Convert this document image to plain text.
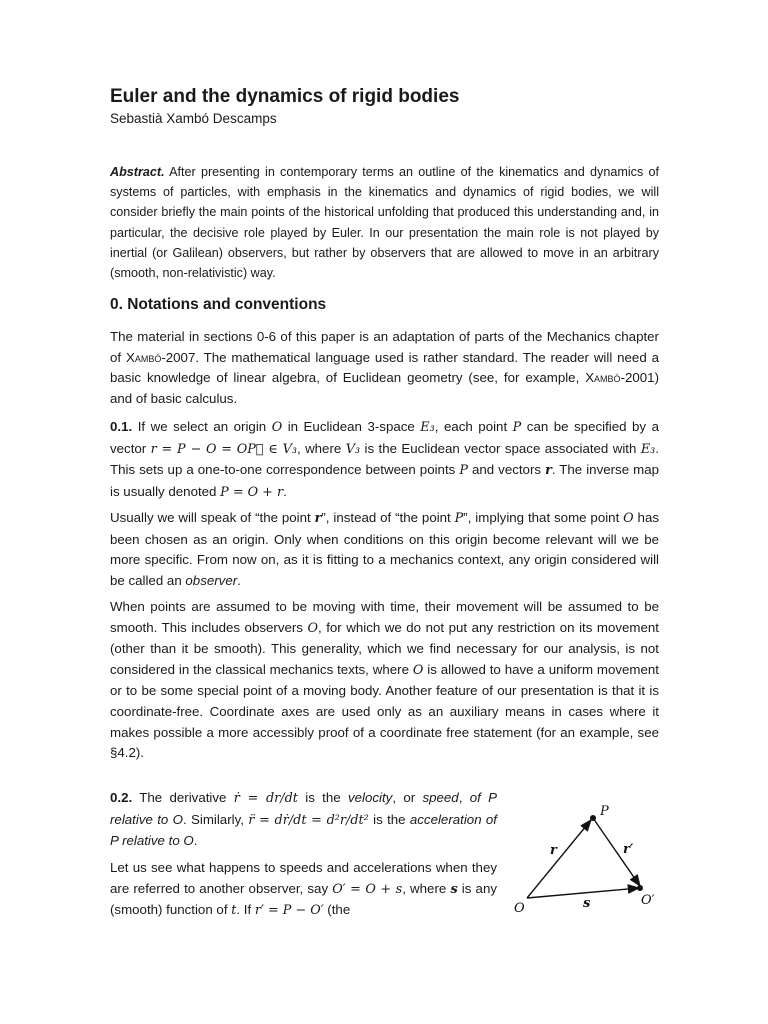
Euler and the dynamics of rigid bodies

Sebastià Xambó Descamps

Abstract. After presenting in contemporary terms an outline of the kinematics and dynamics of systems of particles, with emphasis in the kinematics and dynamics of rigid bodies, we will consider briefly the main points of the historical unfolding that produced this understanding and, in particular, the decisive role played by Euler. In our presentation the main role is not played by inertial (or Galilean) observers, but rather by observers that are allowed to move in an arbitrary (smooth, non-relativistic) way.

0. Notations and conventions

The material in sections 0-6 of this paper is an adaptation of parts of the Mechanics chapter of Xambó-2007. The mathematical language used is rather standard. The reader will need a basic knowledge of linear algebra, of Euclidean geometry (see, for example, Xambó-2001) and of basic calculus.

0.1. If we select an origin O in Euclidean 3-space E₃, each point P can be specified by a vector r = P − O = OP⃗ ∈ V₃, where V₃ is the Euclidean vector space associated with E₃. This sets up a one-to-one correspondence between points P and vectors r. The inverse map is usually denoted P = O + r.

Usually we will speak of “the point r”, instead of “the point P”, implying that some point O has been chosen as an origin. Only when conditions on this origin become relevant will we be more specific. From now on, as it is fitting to a mechanics context, any origin considered will be called an observer.

When points are assumed to be moving with time, their movement will be assumed to be smooth. This includes observers O, for which we do not put any restriction on its movement (other than it be smooth). This generality, which we find necessary for our analysis, is not considered in the classical mechanics texts, where O is allowed to have a uniform movement or to be some special point of a moving body. Another feature of our presentation is that it is coordinate-free. Coordinate axes are used only as an auxiliary means in cases where it makes possible a more accessibly proof of a coordinate free statement (for an example, see §4.2).

0.2. The derivative ṙ = dr/dt is the velocity, or speed, of P relative to O. Similarly, r̈ = dṙ/dt = d²r/dt² is the acceleration of P relative to O.

Let us see what happens to speeds and accelerations when they are referred to another observer, say O′ = O + s, where s is any (smooth) function of t. If r′ = P − O′ (the

P
O
O′
r	r′
s
